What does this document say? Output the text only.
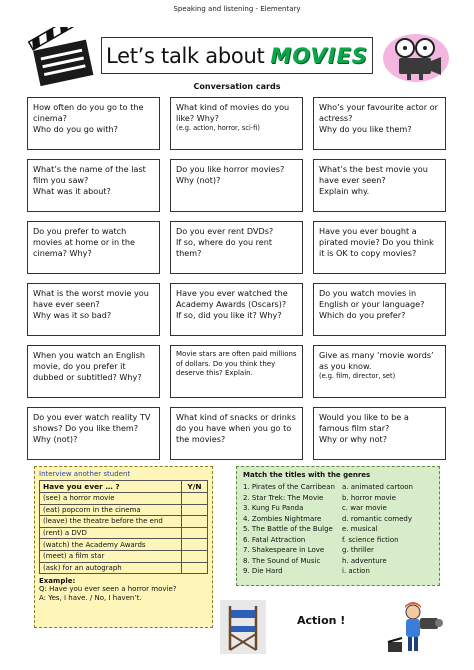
Speaking and listening - Elementary
Let’s talk about MOVIES
Conversation cards
How often do you go to the cinema?
Who do you go with?
What kind of movies do you like? Why?
(e.g. action, horror, sci-fi)
Who’s your favourite actor or actress?
Why do you like them?
What’s the name of the last film you saw?
What was it about?
Do you like horror movies?
Why (not)?
What’s the best movie you have ever seen?
Explain why.
Do you prefer to watch movies at home or in the cinema? Why?
Do you ever rent DVDs?
If so, where do you rent them?
Have you ever bought a pirated movie? Do you think it is OK to copy movies?
What is the worst movie you have ever seen?
Why was it so bad?
Have you ever watched the Academy Awards (Oscars)?
If so, did you like it? Why?
Do you watch movies in English or your language?
Which do you prefer?
When you watch an English movie, do you prefer it dubbed or subtitled? Why?
Movie stars are often paid millions of dollars. Do you think they deserve this? Explain.
Give as many ‘movie words’ as you know.
(e.g. film, director, set)
Do you ever watch reality TV shows? Do you like them? Why (not)?
What kind of snacks or drinks do you have when you go to the movies?
Would you like to be a famous film star?
Why or why not?
Interview another student
Have you ever … ?	Y/N
(see) a horror movie	
(eat) popcorn in the cinema	
(leave) the theatre before the end	
(rent) a DVD	
(watch) the Academy Awards	
(meet) a film star	
(ask) for an autograph	
Example:
Q: Have you ever seen a horror movie?
A: Yes, I have. / No, I haven’t.
Match the titles with the genres
1. Pirates of the Carribean
2. Star Trek: The Movie
3. Kung Fu Panda
4. Zombies Nightmare
5. The Battle of the Bulge
6. Fatal Attraction
7. Shakespeare in Love
8. The Sound of Music
9. Die Hard
a. animated cartoon
b. horror movie
c. war movie
d. romantic comedy
e. musical
f. science fiction
g. thriller
h. adventure
i. action
Action !
